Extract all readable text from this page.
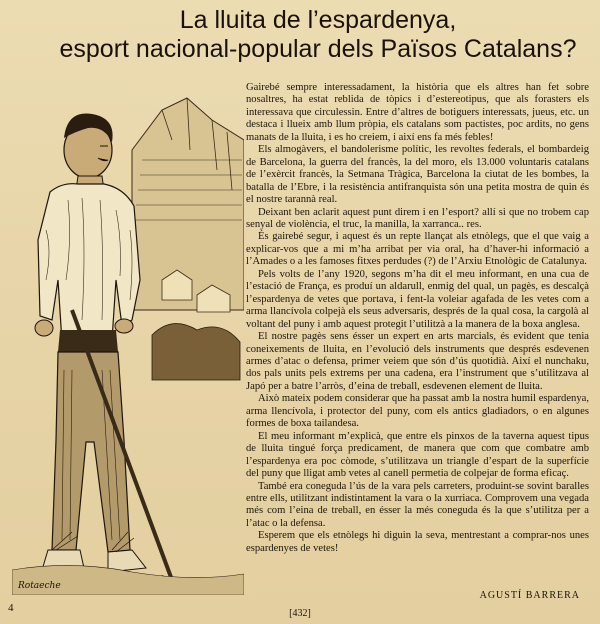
La lluita de l’espardenya,
esport nacional-popular dels Països Catalans?
Rotaeche

Gairebé sempre interessadament, la història que els altres han fet sobre nosaltres, ha estat reblida de tòpics i d’estereotipus, que als forasters els interessava que circulessin. Entre d’altres de botiguers interessats, jueus, etc. un destaca i llueix amb llum pròpia, els catalans som pactistes, poc ardits, no gens manats de la lluita, i es ho creiem, i així ens fa més febles!

Els almogàvers, el bandolerisme polític, les revoltes federals, el bombardeig de Barcelona, la guerra del francès, la del moro, els 13.000 voluntaris catalans de l’exèrcit francès, la Setmana Tràgica, Barcelona la ciutat de les bombes, la batalla de l’Ebre, i la resistència antifranquista són una petita mostra de quin és el nostre tarannà real.

Deixant ben aclarit aquest punt direm i en l’esport? allí si que no trobem cap senyal de violència, el truc, la manilla, la xarranca.. res.

És gairebé segur, i aquest és un repte llançat als etnòlegs, que el que vaig a explicar-vos que a mi m’ha arribat per via oral, ha d’haver-hi informació a l’Amades o a les famoses fitxes perdudes (?) de l’Arxiu Etnològic de Catalunya.

Pels volts de l’any 1920, segons m’ha dit el meu informant, en una cua de l’estació de França, es produí un aldarull, enmig del qual, un pagès, es descalçà l’espardenya de vetes que portava, i fent-la voleiar agafada de les vetes com a arma llancívola colpejà els seus adversaris, després de la qual cosa, la cargolà al voltant del puny i amb aquest protegit l’utilitzà a la manera de la boxa anglesa.

El nostre pagès sens ésser un expert en arts marcials, és evident que tenia coneixements de lluita, en l’evolució dels instruments que després esdevenen armes d’atac o defensa, primer veiem que són d’ús quotidià. Així el nunchaku, dos pals units pels extrems per una cadena, era l’instrument que s’utilitzava al Japó per a batre l’arròs, d’eina de treball, esdevenen element de lluita.

Això mateix podem considerar que ha passat amb la nostra humil espardenya, arma llencívola, i protector del puny, com els antics gladiadors, o en algunes formes de boxa tailandesa.

El meu informant m’explicà, que entre els pinxos de la taverna aquest tipus de lluita tingué força predicament, de manera que com que combatre amb l’espardenya era poc còmode, s’utilitzava un triangle d’espart de la superfície del puny que lligat amb vetes al canell permetia de colpejar de forma eficaç.

També era coneguda l’ús de la vara pels carreters, produint-se sovint baralles entre ells, utilitzant indistintament la vara o la xurriaca. Comprovem una vegada més com l’eina de treball, en ésser la més coneguda és la que s’utilitza per a l’atac o la defensa.

Esperem que els etnòlegs hi diguin la seva, mentrestant a comprar-nos unes espardenyes de vetes!

AGUSTÍ BARRERA
4	[432]
